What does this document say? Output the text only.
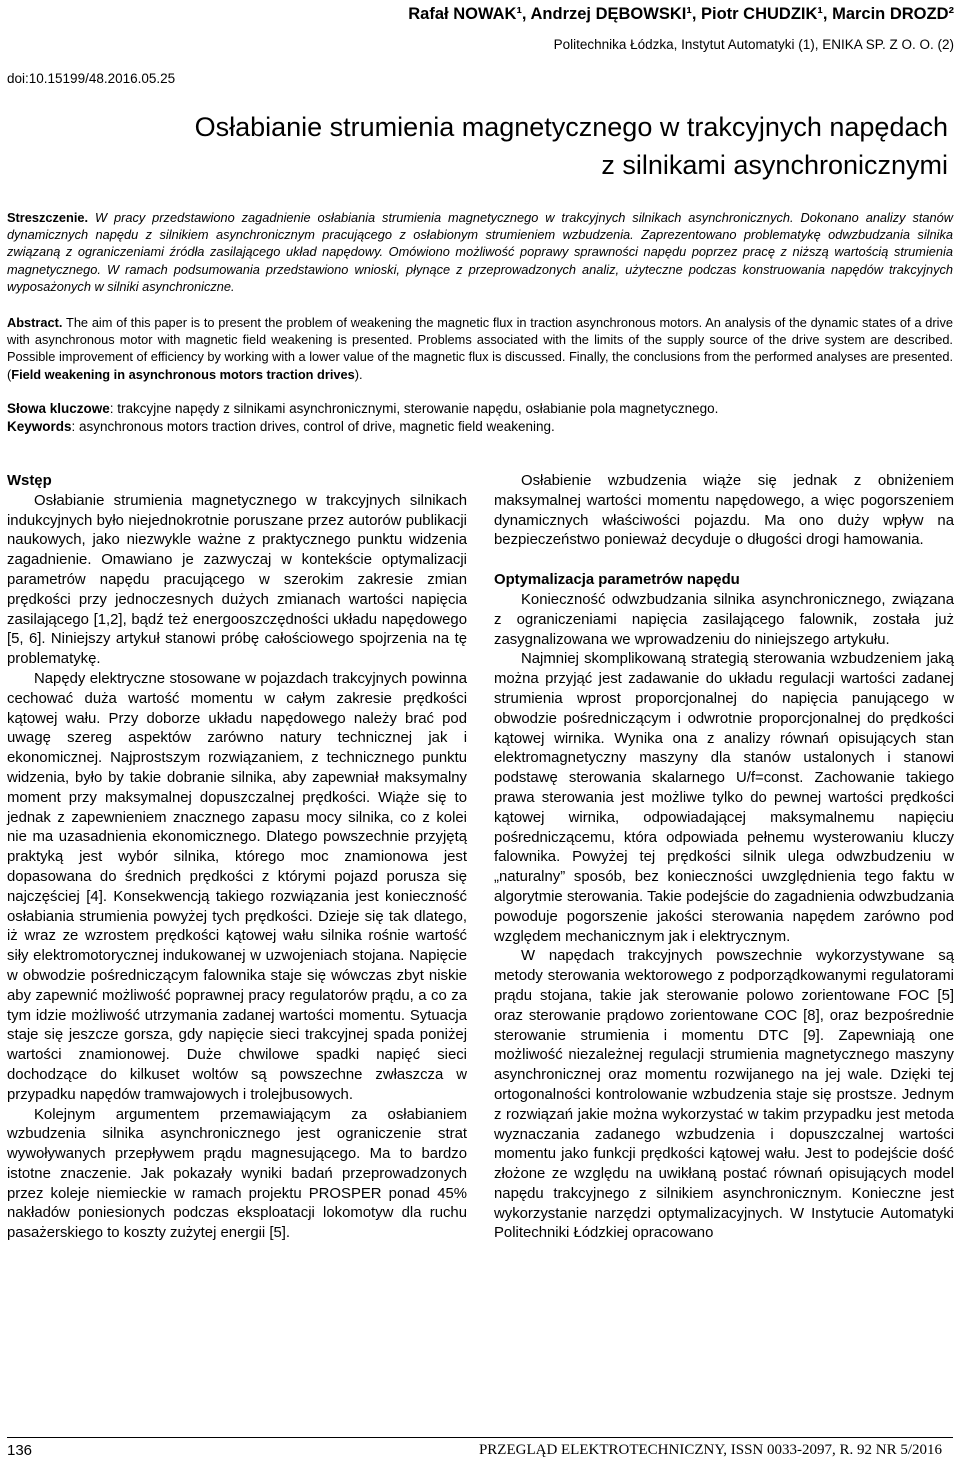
Rafał NOWAK¹, Andrzej DĘBOWSKI¹, Piotr CHUDZIK¹, Marcin DROZD²
Politechnika Łódzka, Instytut Automatyki (1), ENIKA SP. Z O. O. (2)
doi:10.15199/48.2016.05.25
Osłabianie strumienia magnetycznego w trakcyjnych napędach
z silnikami asynchronicznymi
Streszczenie. W pracy przedstawiono zagadnienie osłabiania strumienia magnetycznego w trakcyjnych silnikach asynchronicznych. Dokonano analizy stanów dynamicznych napędu z silnikiem asynchronicznym pracującego z osłabionym strumieniem wzbudzenia. Zaprezentowano problematykę odwzbudzania silnika związaną z ograniczeniami źródła zasilającego układ napędowy. Omówiono możliwość poprawy sprawności napędu poprzez pracę z niższą wartością strumienia magnetycznego. W ramach podsumowania przedstawiono wnioski, płynące z przeprowadzonych analiz, użyteczne podczas konstruowania napędów trakcyjnych wyposażonych w silniki asynchroniczne.
Abstract. The aim of this paper is to present the problem of weakening the magnetic flux in traction asynchronous motors. An analysis of the dynamic states of a drive with asynchronous motor with magnetic field weakening is presented. Problems associated with the limits of the supply source of the drive system are described. Possible improvement of efficiency by working with a lower value of the magnetic flux is discussed. Finally, the conclusions from the performed analyses are presented. (Field weakening in asynchronous motors traction drives).
Słowa kluczowe: trakcyjne napędy z silnikami asynchronicznymi, sterowanie napędu, osłabianie pola magnetycznego.
Keywords: asynchronous motors traction drives, control of drive, magnetic field weakening.
Wstęp

Osłabianie strumienia magnetycznego w trakcyjnych silnikach indukcyjnych było niejednokrotnie poruszane przez autorów publikacji naukowych, jako niezwykle ważne z praktycznego punktu widzenia zagadnienie. Omawiano je zazwyczaj w kontekście optymalizacji parametrów napędu pracującego w szerokim zakresie zmian prędkości przy jednoczesnych dużych zmianach wartości napięcia zasilającego [1,2], bądź też energooszczędności układu napędowego [5, 6]. Niniejszy artykuł stanowi próbę całościowego spojrzenia na tę problematykę.

Napędy elektryczne stosowane w pojazdach trakcyjnych powinna cechować duża wartość momentu w całym zakresie prędkości kątowej wału. Przy doborze układu napędowego należy brać pod uwagę szereg aspektów zarówno natury technicznej jak i ekonomicznej. Najprostszym rozwiązaniem, z technicznego punktu widzenia, było by takie dobranie silnika, aby zapewniał maksymalny moment przy maksymalnej dopuszczalnej prędkości. Wiąże się to jednak z zapewnieniem znacznego zapasu mocy silnika, co z kolei nie ma uzasadnienia ekonomicznego. Dlatego powszechnie przyjętą praktyką jest wybór silnika, którego moc znamionowa jest dopasowana do średnich prędkości z którymi pojazd porusza się najczęściej [4]. Konsekwencją takiego rozwiązania jest konieczność osłabiania strumienia powyżej tych prędkości. Dzieje się tak dlatego, iż wraz ze wzrostem prędkości kątowej wału silnika rośnie wartość siły elektromotorycznej indukowanej w uzwojeniach stojana. Napięcie w obwodzie pośredniczącym falownika staje się wówczas zbyt niskie aby zapewnić możliwość poprawnej pracy regulatorów prądu, a co za tym idzie możliwość utrzymania zadanej wartości momentu. Sytuacja staje się jeszcze gorsza, gdy napięcie sieci trakcyjnej spada poniżej wartości znamionowej. Duże chwilowe spadki napięć sieci dochodzące do kilkuset woltów są powszechne zwłaszcza w przypadku napędów tramwajowych i trolejbusowych.

Kolejnym argumentem przemawiającym za osłabianiem wzbudzenia silnika asynchronicznego jest ograniczenie strat wywoływanych przepływem prądu magnesującego. Ma to bardzo istotne znaczenie. Jak pokazały wyniki badań przeprowadzonych przez koleje niemieckie w ramach projektu PROSPER ponad 45% nakładów poniesionych podczas eksploatacji lokomotyw dla ruchu pasażerskiego to koszty zużytej energii [5].

Osłabienie wzbudzenia wiąże się jednak z obniżeniem maksymalnej wartości momentu napędowego, a więc pogorszeniem dynamicznych właściwości pojazdu. Ma ono duży wpływ na bezpieczeństwo ponieważ decyduje o długości drogi hamowania.

Optymalizacja parametrów napędu

Konieczność odwzbudzania silnika asynchronicznego, związana z ograniczeniami napięcia zasilającego falownik, została już zasygnalizowana we wprowadzeniu do niniejszego artykułu.

Najmniej skomplikowaną strategią sterowania wzbudzeniem jaką można przyjąć jest zadawanie do układu regulacji wartości zadanej strumienia wprost proporcjonalnej do napięcia panującego w obwodzie pośredniczącym i odwrotnie proporcjonalnej do prędkości kątowej wirnika. Wynika ona z analizy równań opisujących stan elektromagnetyczny maszyny dla stanów ustalonych i stanowi podstawę sterowania skalarnego U/f=const. Zachowanie takiego prawa sterowania jest możliwe tylko do pewnej wartości prędkości kątowej wirnika, odpowiadającej maksymalnemu napięciu pośredniczącemu, która odpowiada pełnemu wysterowaniu kluczy falownika. Powyżej tej prędkości silnik ulega odwzbudzeniu w „naturalny” sposób, bez konieczności uwzględnienia tego faktu w algorytmie sterowania. Takie podejście do zagadnienia odwzbudzania powoduje pogorszenie jakości sterowania napędem zarówno pod względem mechanicznym jak i elektrycznym.

W napędach trakcyjnych powszechnie wykorzystywane są metody sterowania wektorowego z podporządkowanymi regulatorami prądu stojana, takie jak sterowanie polowo zorientowane FOC [5] oraz sterowanie prądowo zorientowane COC [8], oraz bezpośrednie sterowanie strumienia i momentu DTC [9]. Zapewniają one możliwość niezależnej regulacji strumienia magnetycznego maszyny asynchronicznej oraz momentu rozwijanego na jej wale. Dzięki tej ortogonalności kontrolowanie wzbudzenia staje się prostsze. Jednym z rozwiązań jakie można wykorzystać w takim przypadku jest metoda wyznaczania zadanego wzbudzenia i dopuszczalnej wartości momentu jako funkcji prędkości kątowej wału. Jest to podejście dość złożone ze względu na uwikłaną postać równań opisujących model napędu trakcyjnego z silnikiem asynchronicznym. Konieczne jest wykorzystanie narzędzi optymalizacyjnych. W Instytucie Automatyki Politechniki Łódzkiej opracowano

136	PRZEGLĄD ELEKTROTECHNICZNY, ISSN 0033-2097, R. 92 NR 5/2016
